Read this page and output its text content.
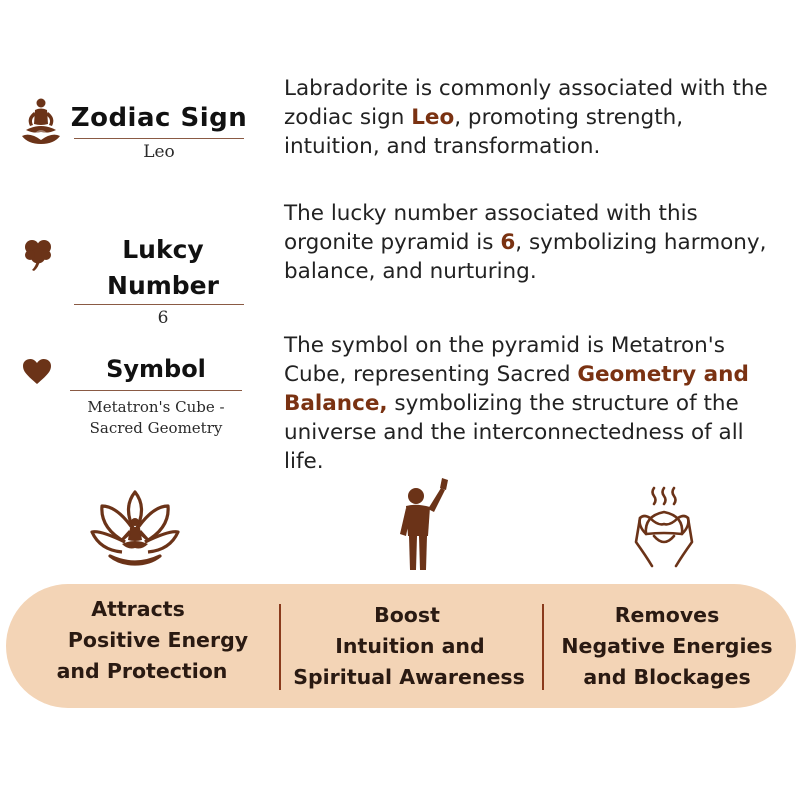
Zodiac Sign
Leo
Labradorite is commonly associated with the zodiac sign Leo, promoting strength, intuition, and transformation.
Lukcy Number
6
The lucky number associated with this orgonite pyramid is 6, symbolizing harmony, balance, and nurturing.
Symbol
Metatron's Cube - Sacred Geometry
The symbol on the pyramid is Metatron's Cube, representing Sacred Geometry and Balance, symbolizing the structure of the universe and the interconnectedness of all life.
Attracts
Positive Energy
and Protection
Boost
Intuition and
Spiritual Awareness
Removes
Negative Energies
and Blockages
